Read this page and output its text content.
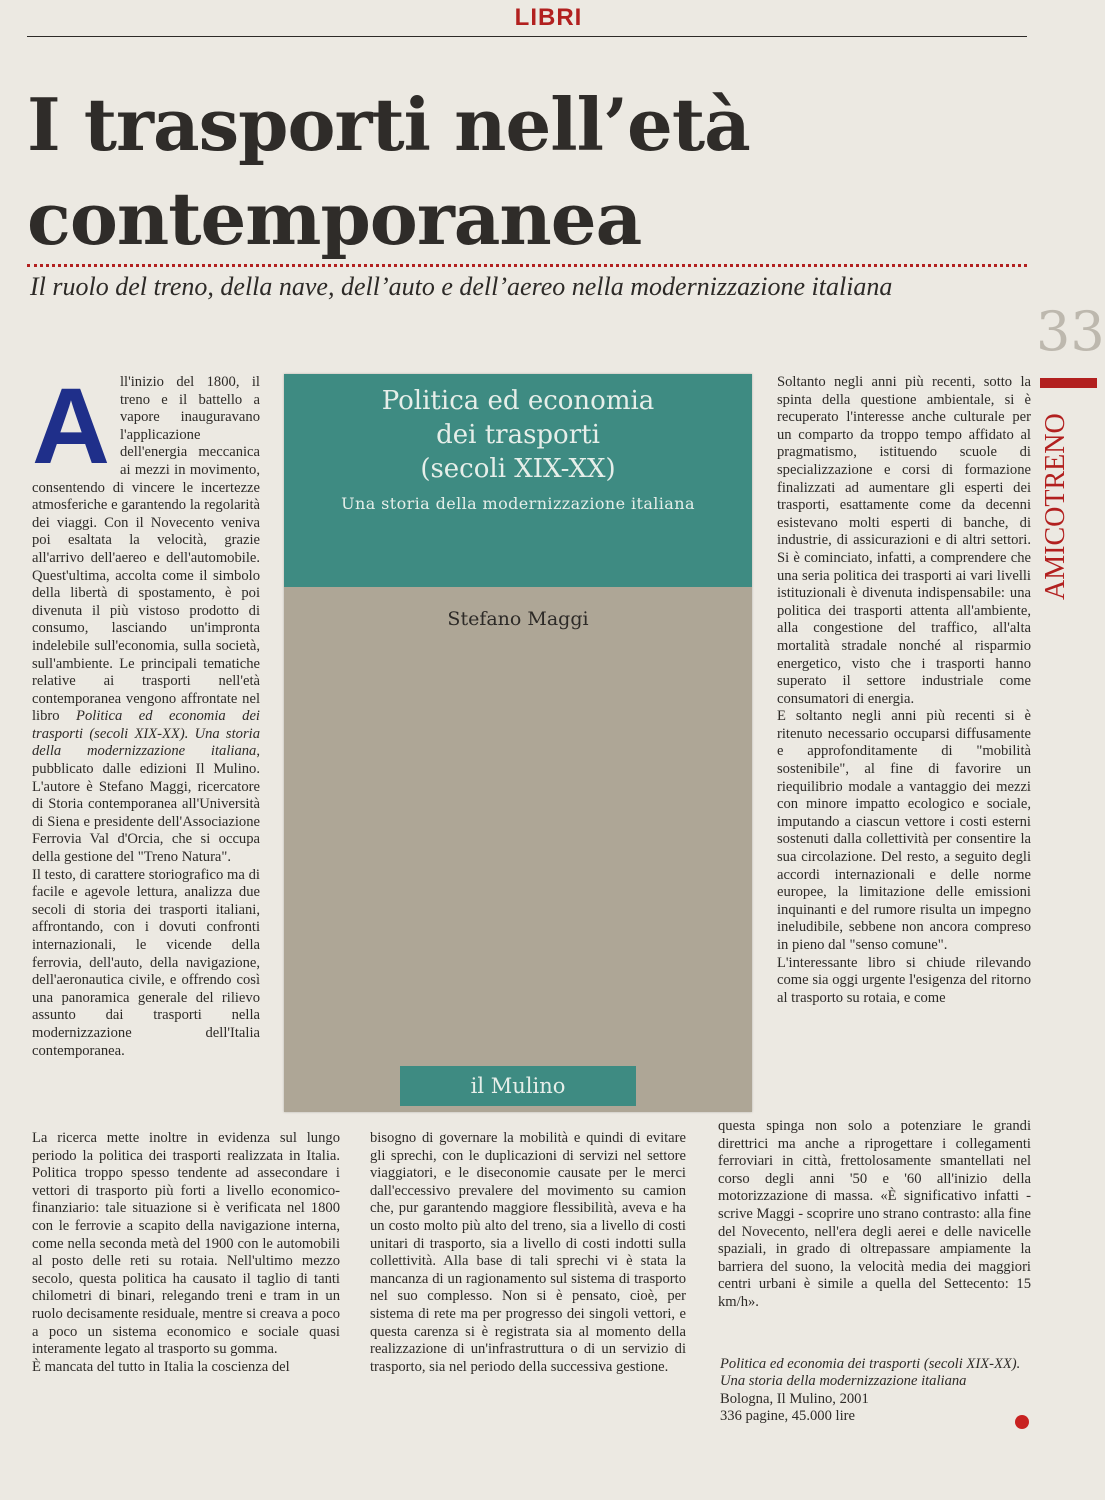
LIBRI
I trasporti nell’età
contemporanea

Il ruolo del treno, della nave, dell’auto e dell’aereo nella modernizzazione italiana

33
AMICOTRENO
A ll'inizio del 1800, il treno e il battello a vapore inauguravano l'applicazione dell'energia meccanica ai mezzi in movimento, consentendo di vincere le incertezze atmosferiche e garantendo la regolarità dei viaggi. Con il Novecento veniva poi esaltata la velocità, grazie all'arrivo dell'aereo e dell'automobile. Quest'ultima, accolta come il simbolo della libertà di spostamento, è poi divenuta il più vistoso prodotto di consumo, lasciando un'impronta indelebile sull'economia, sulla società, sull'ambiente. Le principali tematiche relative ai trasporti nell'età contemporanea vengono affrontate nel libro Politica ed economia dei trasporti (secoli XIX-XX). Una storia della modernizzazione italiana, pubblicato dalle edizioni Il Mulino. L'autore è Stefano Maggi, ricercatore di Storia contemporanea all'Università di Siena e presidente dell'Associazione Ferrovia Val d'Orcia, che si occupa della gestione del "Treno Natura".

Il testo, di carattere storiografico ma di facile e agevole lettura, analizza due secoli di storia dei trasporti italiani, affrontando, con i dovuti confronti internazionali, le vicende della ferrovia, dell'auto, della navigazione, dell'aeronautica civile, e offrendo così una panoramica generale del rilievo assunto dai trasporti nella modernizzazione dell'Italia contemporanea.

Politica ed economia
dei trasporti
(secoli XIX-XX)
Una storia della modernizzazione italiana
Stefano Maggi
il Mulino

Soltanto negli anni più recenti, sotto la spinta della questione ambientale, si è recuperato l'interesse anche culturale per un comparto da troppo tempo affidato al pragmatismo, istituendo scuole di specializzazione e corsi di formazione finalizzati ad aumentare gli esperti dei trasporti, esattamente come da decenni esistevano molti esperti di banche, di industrie, di assicurazioni e di altri settori. Si è cominciato, infatti, a comprendere che una seria politica dei trasporti ai vari livelli istituzionali è divenuta indispensabile: una politica dei trasporti attenta all'ambiente, alla congestione del traffico, all'alta mortalità stradale nonché al risparmio energetico, visto che i trasporti hanno superato il settore industriale come consumatori di energia.

E soltanto negli anni più recenti si è ritenuto necessario occuparsi diffusamente e approfonditamente di "mobilità sostenibile", al fine di favorire un riequilibrio modale a vantaggio dei mezzi con minore impatto ecologico e sociale, imputando a ciascun vettore i costi esterni sostenuti dalla collettività per consentire la sua circolazione. Del resto, a seguito degli accordi internazionali e delle norme europee, la limitazione delle emissioni inquinanti e del rumore risulta un impegno ineludibile, sebbene non ancora compreso in pieno dal "senso comune".

L'interessante libro si chiude rilevando come sia oggi urgente l'esigenza del ritorno al trasporto su rotaia, e come

La ricerca mette inoltre in evidenza sul lungo periodo la politica dei trasporti realizzata in Italia. Politica troppo spesso tendente ad assecondare i vettori di trasporto più forti a livello economico-finanziario: tale situazione si è verificata nel 1800 con le ferrovie a scapito della navigazione interna, come nella seconda metà del 1900 con le automobili al posto delle reti su rotaia. Nell'ultimo mezzo secolo, questa politica ha causato il taglio di tanti chilometri di binari, relegando treni e tram in un ruolo decisamente residuale, mentre si creava a poco a poco un sistema economico e sociale quasi interamente legato al trasporto su gomma.

È mancata del tutto in Italia la coscienza del

bisogno di governare la mobilità e quindi di evitare gli sprechi, con le duplicazioni di servizi nel settore viaggiatori, e le diseconomie causate per le merci dall'eccessivo prevalere del movimento su camion che, pur garantendo maggiore flessibilità, aveva e ha un costo molto più alto del treno, sia a livello di costi unitari di trasporto, sia a livello di costi indotti sulla collettività. Alla base di tali sprechi vi è stata la mancanza di un ragionamento sul sistema di trasporto nel suo complesso. Non si è pensato, cioè, per sistema di rete ma per progresso dei singoli vettori, e questa carenza si è registrata sia al momento della realizzazione di un'infrastruttura o di un servizio di trasporto, sia nel periodo della successiva gestione.

questa spinga non solo a potenziare le grandi direttrici ma anche a riprogettare i collegamenti ferroviari in città, frettolosamente smantellati nel corso degli anni '50 e '60 all'inizio della motorizzazione di massa. «È significativo infatti - scrive Maggi - scoprire uno strano contrasto: alla fine del Novecento, nell'era degli aerei e delle navicelle spaziali, in grado di oltrepassare ampiamente la barriera del suono, la velocità media dei maggiori centri urbani è simile a quella del Settecento: 15 km/h».

Politica ed economia dei trasporti (secoli XIX-XX).
Una storia della modernizzazione italiana
Bologna, Il Mulino, 2001
336 pagine, 45.000 lire
